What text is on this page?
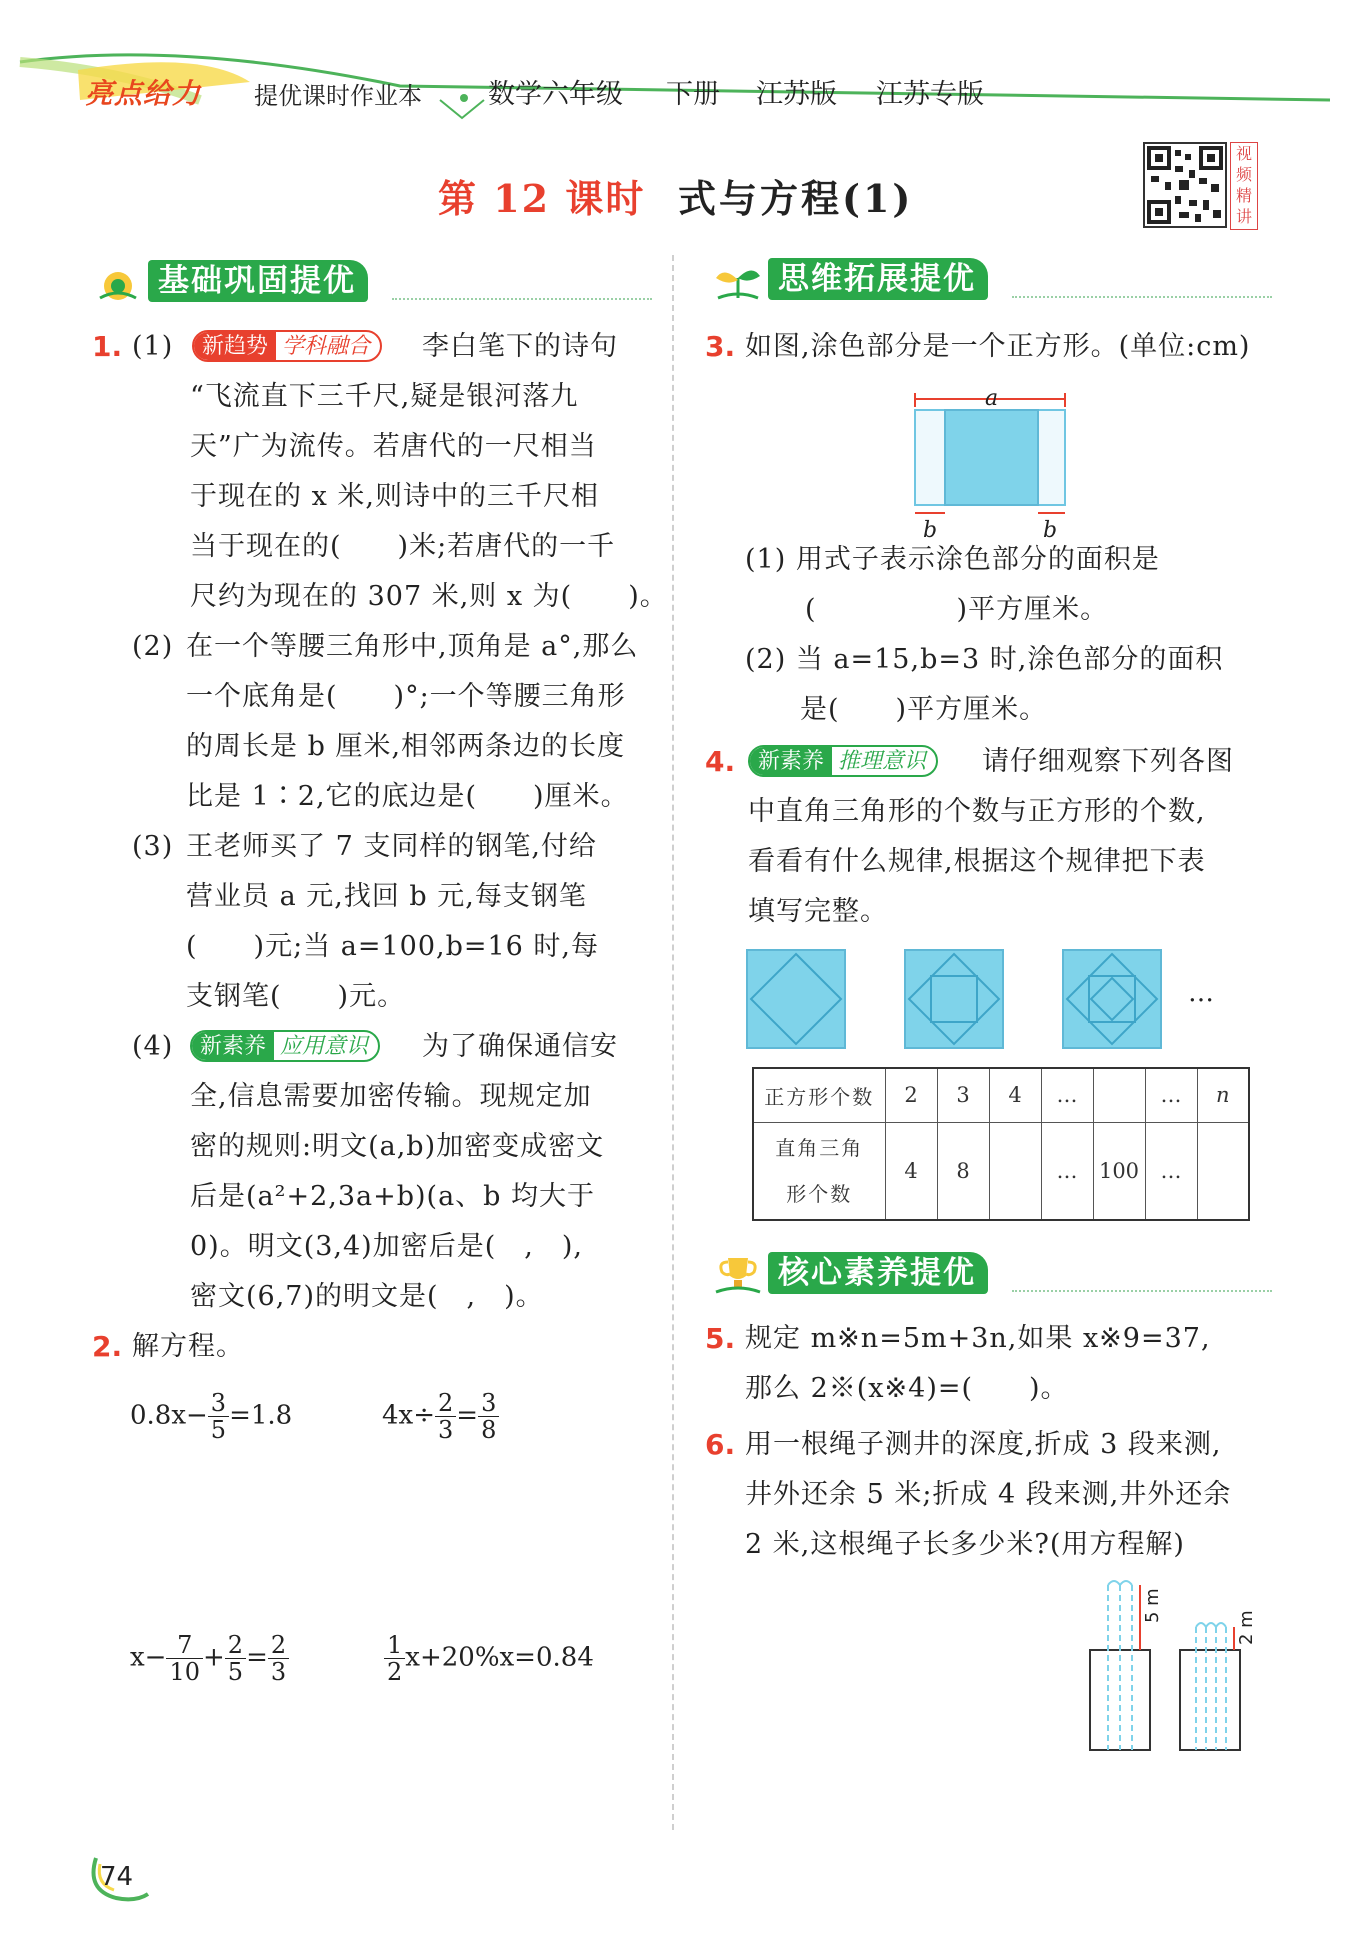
亮点给力 提优课时作业本 数学六年级 下册 江苏版 江苏专版
第 12 课时 式与方程(1)
视频精讲
基础巩固提优
1. (1)	新趋势 学科融合	李白笔下的诗句
“飞流直下三千尺,疑是银河落九
天”广为流传。若唐代的一尺相当
于现在的 x 米,则诗中的三千尺相
当于现在的(　　)米;若唐代的一千
尺约为现在的 307 米,则 x 为(　　)。
(2) 在一个等腰三角形中,顶角是 a°,那么
一个底角是(　　)°;一个等腰三角形
的周长是 b 厘米,相邻两条边的长度
比是 1∶2,它的底边是(　　)厘米。
(3) 王老师买了 7 支同样的钢笔,付给
营业员 a 元,找回 b 元,每支钢笔
(　　)元;当 a=100,b=16 时,每
支钢笔(　　)元。
(4)	新素养 应用意识	为了确保通信安
全,信息需要加密传输。现规定加
密的规则:明文(a,b)加密变成密文
后是(a²+2,3a+b)(a、b 均大于
0)。明文(3,4)加密后是(　,　),
密文(6,7)的明文是(　,　)。
2. 解方程。
$0.8x- \frac{3}{5} =1.8$	$4x\div \frac{2}{3} = \frac{3}{8}$
$x- \frac{7}{10} + \frac{2}{5} = \frac{2}{3}$	$\frac{1}{2} x+20\%x=0.84$
思维拓展提优
3. 如图,涂色部分是一个正方形。(单位:cm)
a
b	b
(1) 用式子表示涂色部分的面积是
(　　　　　)平方厘米。
(2) 当 a=15,b=3 时,涂色部分的面积
是(　　)平方厘米。
4.	新素养 推理意识	请仔细观察下列各图
中直角三角形的个数与正方形的个数,
看看有什么规律,根据这个规律把下表
填写完整。
…
正方形个数	2	3	4	…		…	n
直角三角
形个数	4	8		…	100	…	
核心素养提优
5. 规定 m※n=5m+3n,如果 x※9=37,
那么 2※(x※4)=(　　)。
6. 用一根绳子测井的深度,折成 3 段来测,
井外还余 5 米;折成 4 段来测,井外还余
2 米,这根绳子长多少米?(用方程解)
5 m
2 m
74
